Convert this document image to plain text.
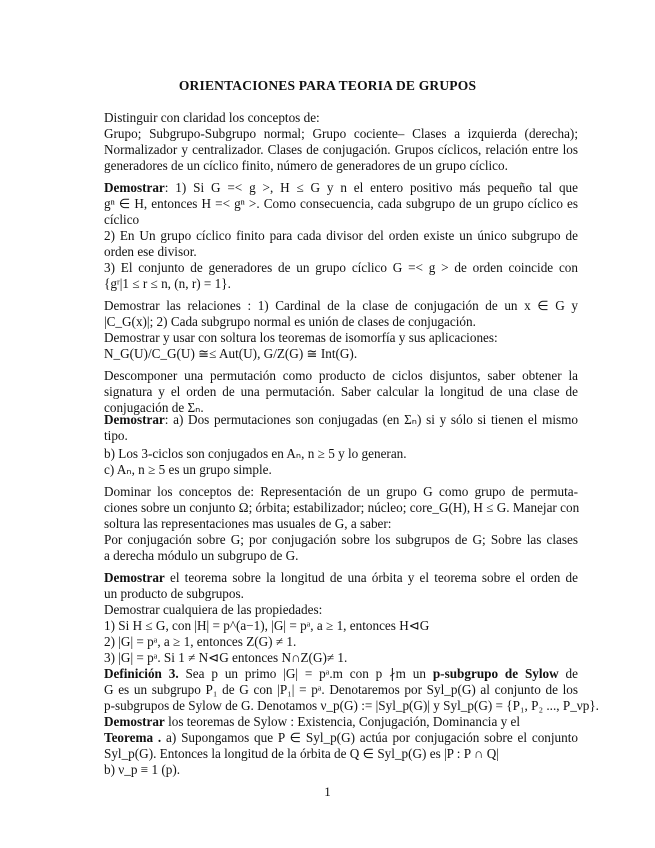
ORIENTACIONES PARA TEORIA DE GRUPOS
Distinguir con claridad los conceptos de:
Grupo; Subgrupo-Subgrupo normal; Grupo cociente– Clases a izquierda (derecha);
Normalizador y centralizador. Clases de conjugación. Grupos cíclicos, relación entre los
generadores de un cíclico finito, número de generadores de un grupo cíclico.
Demostrar: 1) Si G =< g >, H ≤ G y n el entero positivo más pequeño tal que
gⁿ ∈ H, entonces H =< gⁿ >. Como consecuencia, cada subgrupo de un grupo cíclico es
cíclico
2) En Un grupo cíclico finito para cada divisor del orden existe un único subgrupo de
orden ese divisor.
3) El conjunto de generadores de un grupo cíclico G =< g > de orden coincide con
{gʳ|1 ≤ r ≤ n, (n, r) = 1}.
Demostrar las relaciones : 1) Cardinal de la clase de conjugación de un x ∈ G y
|C_G(x)|; 2) Cada subgrupo normal es unión de clases de conjugación.
Demostrar y usar con soltura los teoremas de isomorfía y sus aplicaciones:
N_G(U)/C_G(U) ≅≤ Aut(U), G/Z(G) ≅ Int(G).
Descomponer una permutación como producto de ciclos disjuntos, saber obtener la
signatura y el orden de una permutación. Saber calcular la longitud de una clase de
conjugación de Σₙ.
Demostrar: a) Dos permutaciones son conjugadas (en Σₙ) si y sólo si tienen el mismo
tipo.
b) Los 3-ciclos son conjugados en Aₙ, n ≥ 5 y lo generan.
c) Aₙ, n ≥ 5 es un grupo simple.
Dominar los conceptos de: Representación de un grupo G como grupo de permuta-
ciones sobre un conjunto Ω; órbita; estabilizador; núcleo; core_G(H), H ≤ G. Manejar con
soltura las representaciones mas usuales de G, a saber:
Por conjugación sobre G; por conjugación sobre los subgrupos de G; Sobre las clases
a derecha módulo un subgrupo de G.
Demostrar el teorema sobre la longitud de una órbita y el teorema sobre el orden de
un producto de subgrupos.
Demostrar cualquiera de las propiedades:
1) Si H ≤ G, con |H| = p^(a−1), |G| = pᵃ, a ≥ 1, entonces H⊲G
2) |G| = pᵃ, a ≥ 1, entonces Z(G) ≠ 1.
3) |G| = pᵃ. Si 1 ≠ N⊲G entonces N∩Z(G)≠ 1.
Definición 3. Sea p un primo |G| = pᵃ.m con p ∤m un p-subgrupo de Sylow de
G es un subgrupo P₁ de G con |P₁| = pᵃ. Denotaremos por Syl_p(G) al conjunto de los
p-subgrupos de Sylow de G. Denotamos ν_p(G) := |Syl_p(G)| y Syl_p(G) = {P₁, P₂ ..., P_νp}.
Demostrar los teoremas de Sylow : Existencia, Conjugación, Dominancia y el
Teorema . a) Supongamos que P ∈ Syl_p(G) actúa por conjugación sobre el conjunto
Syl_p(G). Entonces la longitud de la órbita de Q ∈ Syl_p(G) es |P : P ∩ Q|
b) ν_p ≡ 1 (p).
1
